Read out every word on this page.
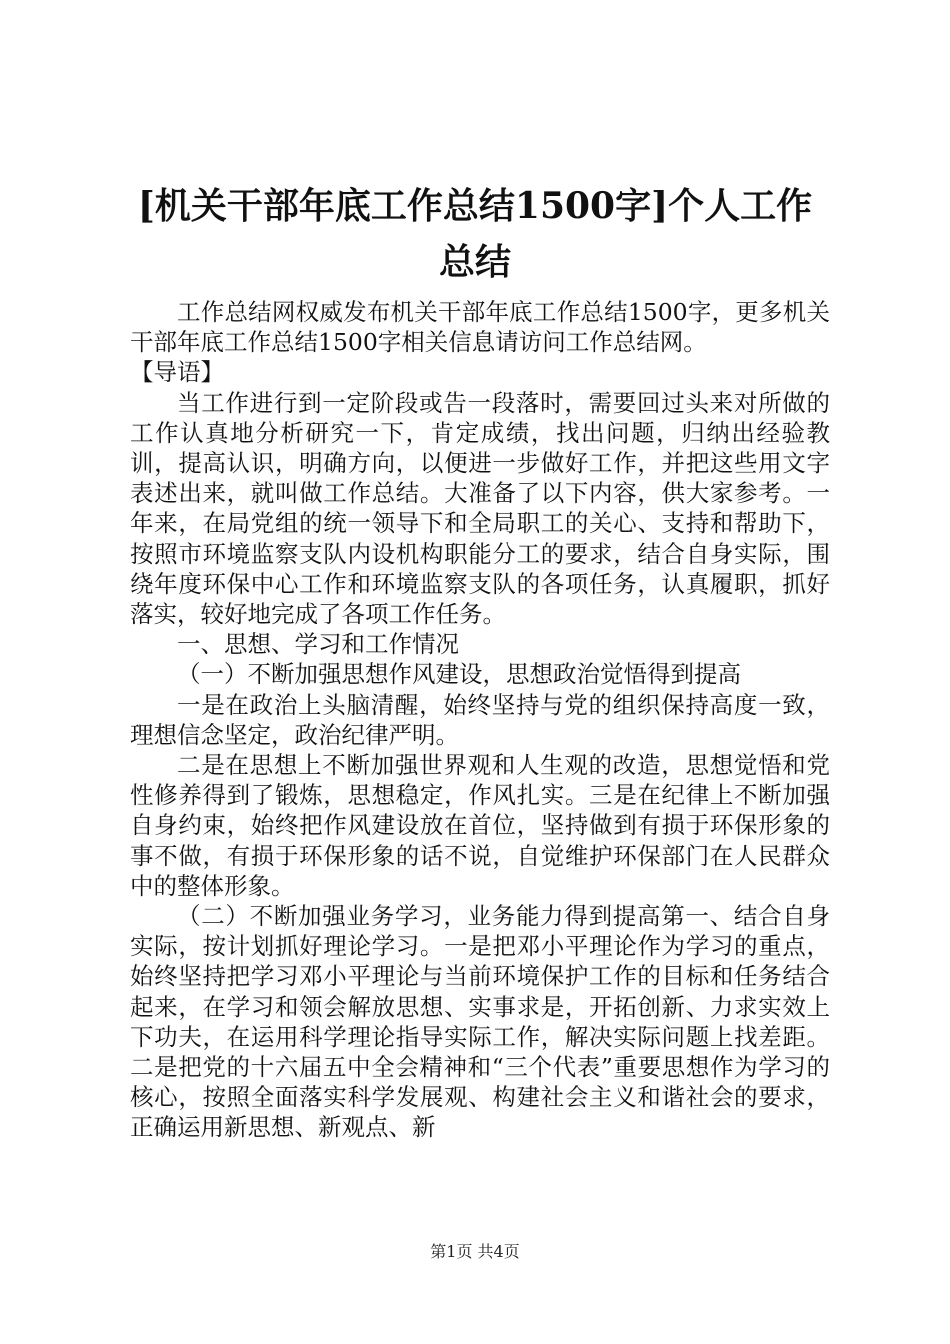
[机关干部年底工作总结1500字]个人工作总结

工作总结网权威发布机关干部年底工作总结1500字，更多机关干部年底工作总结1500字相关信息请访问工作总结网。

【导语】

当工作进行到一定阶段或告一段落时，需要回过头来对所做的工作认真地分析研究一下，肯定成绩，找出问题，归纳出经验教训，提高认识，明确方向，以便进一步做好工作，并把这些用文字表述出来，就叫做工作总结。大准备了以下内容，供大家参考。一年来，在局党组的统一领导下和全局职工的关心、支持和帮助下，按照市环境监察支队内设机构职能分工的要求，结合自身实际，围绕年度环保中心工作和环境监察支队的各项任务，认真履职，抓好落实，较好地完成了各项工作任务。

一、思想、学习和工作情况

（一）不断加强思想作风建设，思想政治觉悟得到提高

一是在政治上头脑清醒，始终坚持与党的组织保持高度一致，理想信念坚定，政治纪律严明。

二是在思想上不断加强世界观和人生观的改造，思想觉悟和党性修养得到了锻炼，思想稳定，作风扎实。三是在纪律上不断加强自身约束，始终把作风建设放在首位，坚持做到有损于环保形象的事不做，有损于环保形象的话不说，自觉维护环保部门在人民群众中的整体形象。

（二）不断加强业务学习，业务能力得到提高第一、结合自身实际，按计划抓好理论学习。一是把邓小平理论作为学习的重点，始终坚持把学习邓小平理论与当前环境保护工作的目标和任务结合起来，在学习和领会解放思想、实事求是，开拓创新、力求实效上下功夫，在运用科学理论指导实际工作，解决实际问题上找差距。二是把党的十六届五中全会精神和“三个代表”重要思想作为学习的核心，按照全面落实科学发展观、构建社会主义和谐社会的要求，正确运用新思想、新观点、新

第1页 共4页
